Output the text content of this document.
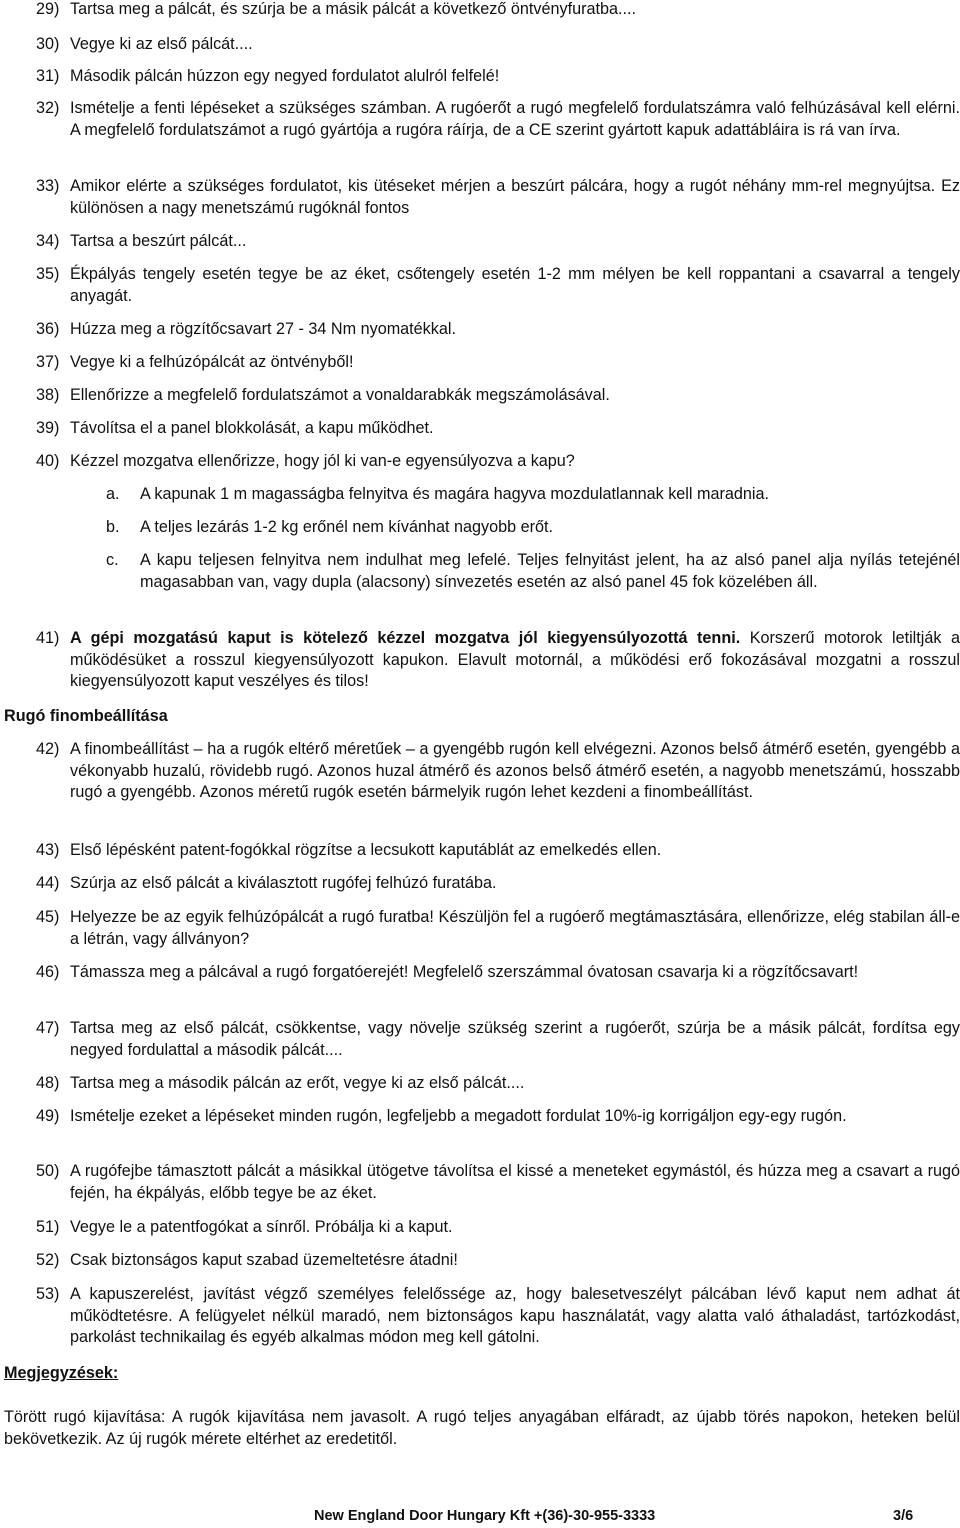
29) Tartsa meg a pálcát, és szúrja be a másik pálcát a következő öntvényfuratba....

30) Vegye ki az első pálcát....

31) Második pálcán húzzon egy negyed fordulatot alulról felfelé!

32) Ismételje a fenti lépéseket a szükséges számban. A rugóerőt a rugó megfelelő fordulatszámra való felhúzásával kell elérni. A megfelelő fordulatszámot a rugó gyártója a rugóra ráírja, de a CE szerint gyártott kapuk adattábláira is rá van írva.

33) Amikor elérte a szükséges fordulatot, kis ütéseket mérjen a beszúrt pálcára, hogy a rugót néhány mm-rel megnyújtsa. Ez különösen a nagy menetszámú rugóknál fontos

34) Tartsa a beszúrt pálcát...

35) Ékpályás tengely esetén tegye be az éket, csőtengely esetén 1-2 mm mélyen be kell roppantani a csavarral a tengely anyagát.

36) Húzza meg a rögzítőcsavart 27 - 34 Nm nyomatékkal.

37) Vegye ki a felhúzópálcát az öntvényből!

38) Ellenőrizze a megfelelő fordulatszámot a vonaldarabkák megszámolásával.

39) Távolítsa el a panel blokkolását, a kapu működhet.

40) Kézzel mozgatva ellenőrizze, hogy jól ki van-e egyensúlyozva a kapu?

a. A kapunak 1 m magasságba felnyitva és magára hagyva mozdulatlannak kell maradnia.

b. A teljes lezárás 1-2 kg erőnél nem kívánhat nagyobb erőt.

c. A kapu teljesen felnyitva nem indulhat meg lefelé. Teljes felnyitást jelent, ha az alsó panel alja nyílás tetejénél magasabban van, vagy dupla (alacsony) sínvezetés esetén az alsó panel 45 fok közelében áll.

41) A gépi mozgatású kaput is kötelező kézzel mozgatva jól kiegyensúlyozottá tenni. Korszerű motorok letiltják a működésüket a rosszul kiegyensúlyozott kapukon. Elavult motornál, a működési erő fokozásával mozgatni a rosszul kiegyensúlyozott kaput veszélyes és tilos!

Rugó finombeállítása

42) A finombeállítást – ha a rugók eltérő méretűek – a gyengébb rugón kell elvégezni. Azonos belső átmérő esetén, gyengébb a vékonyabb huzalú, rövidebb rugó. Azonos huzal átmérő és azonos belső átmérő esetén, a nagyobb menetszámú, hosszabb rugó a gyengébb. Azonos méretű rugók esetén bármelyik rugón lehet kezdeni a finombeállítást.

43) Első lépésként patent-fogókkal rögzítse a lecsukott kaputáblát az emelkedés ellen.

44) Szúrja az első pálcát a kiválasztott rugófej felhúzó furatába.

45) Helyezze be az egyik felhúzópálcát a rugó furatba! Készüljön fel a rugóerő megtámasztására, ellenőrizze, elég stabilan áll-e a létrán, vagy állványon?

46) Támassza meg a pálcával a rugó forgatóerejét! Megfelelő szerszámmal óvatosan csavarja ki a rögzítőcsavart!

47) Tartsa meg az első pálcát, csökkentse, vagy növelje szükség szerint a rugóerőt, szúrja be a másik pálcát, fordítsa egy negyed fordulattal a második pálcát....

48) Tartsa meg a második pálcán az erőt, vegye ki az első pálcát....

49) Ismételje ezeket a lépéseket minden rugón, legfeljebb a megadott fordulat 10%-ig korrigáljon egy-egy rugón.

50) A rugófejbe támasztott pálcát a másikkal ütögetve távolítsa el kissé a meneteket egymástól, és húzza meg a csavart a rugó fején, ha ékpályás, előbb tegye be az éket.

51) Vegye le a patentfogókat a sínről. Próbálja ki a kaput.

52) Csak biztonságos kaput szabad üzemeltetésre átadni!

53) A kapuszerelést, javítást végző személyes felelőssége az, hogy balesetveszélyt pálcában lévő kaput nem adhat át működtetésre. A felügyelet nélkül maradó, nem biztonságos kapu használatát, vagy alatta való áthaladást, tartózkodást, parkolást technikailag és egyéb alkalmas módon meg kell gátolni.

Megjegyzések:

Törött rugó kijavítása: A rugók kijavítása nem javasolt. A rugó teljes anyagában elfáradt, az újabb törés napokon, heteken belül bekövetkezik. Az új rugók mérete eltérhet az eredetitől.

New England Door Hungary Kft +(36)-30-955-3333	3/6
